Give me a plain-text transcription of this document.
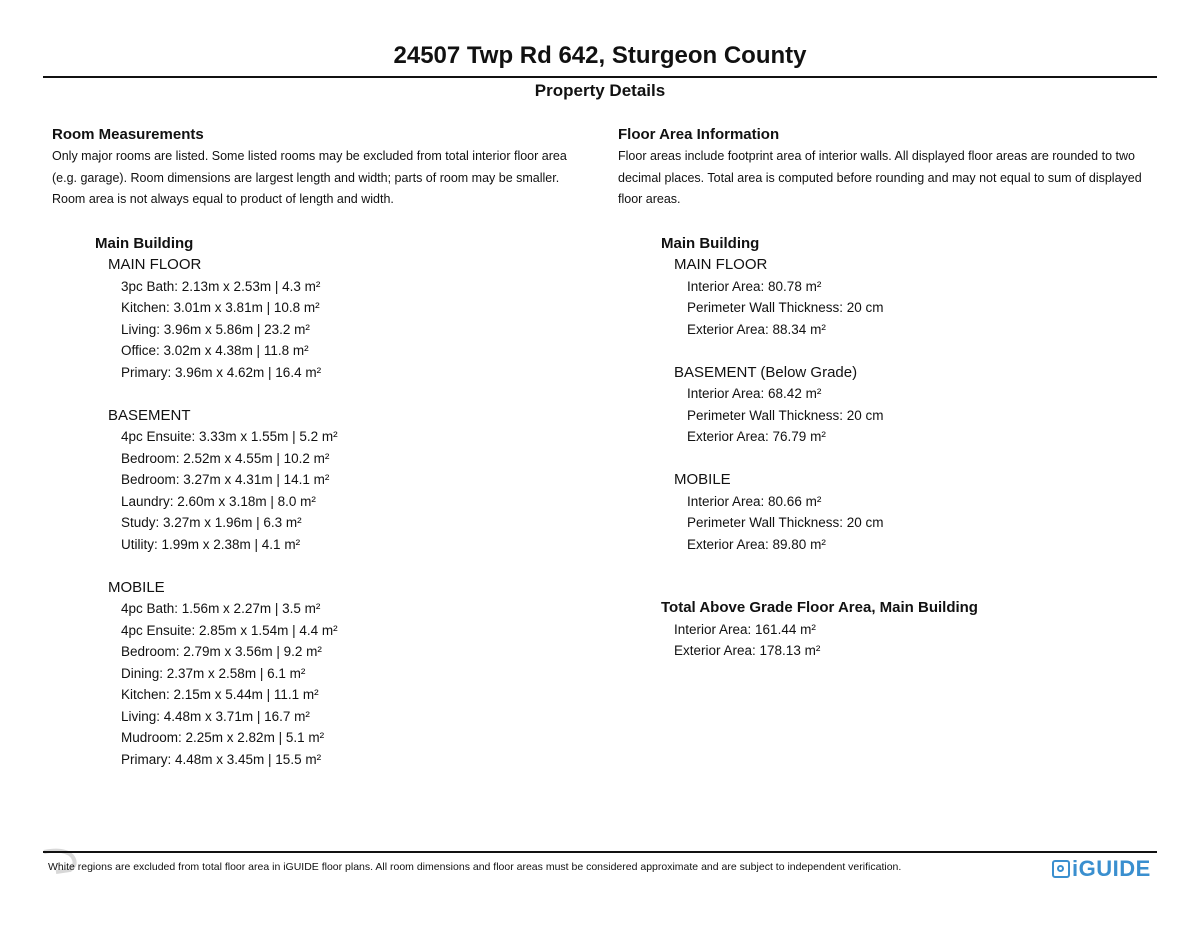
24507 Twp Rd 642, Sturgeon County
Property Details
Room Measurements
Only major rooms are listed. Some listed rooms may be excluded from total interior floor area (e.g. garage). Room dimensions are largest length and width; parts of room may be smaller. Room area is not always equal to product of length and width.
Main Building
MAIN FLOOR
3pc Bath: 2.13m x 2.53m | 4.3 m²
Kitchen: 3.01m x 3.81m | 10.8 m²
Living: 3.96m x 5.86m | 23.2 m²
Office: 3.02m x 4.38m | 11.8 m²
Primary: 3.96m x 4.62m | 16.4 m²
BASEMENT
4pc Ensuite: 3.33m x 1.55m | 5.2 m²
Bedroom: 2.52m x 4.55m | 10.2 m²
Bedroom: 3.27m x 4.31m | 14.1 m²
Laundry: 2.60m x 3.18m | 8.0 m²
Study: 3.27m x 1.96m | 6.3 m²
Utility: 1.99m x 2.38m | 4.1 m²
MOBILE
4pc Bath: 1.56m x 2.27m | 3.5 m²
4pc Ensuite: 2.85m x 1.54m | 4.4 m²
Bedroom: 2.79m x 3.56m | 9.2 m²
Dining: 2.37m x 2.58m | 6.1 m²
Kitchen: 2.15m x 5.44m | 11.1 m²
Living: 4.48m x 3.71m | 16.7 m²
Mudroom: 2.25m x 2.82m | 5.1 m²
Primary: 4.48m x 3.45m | 15.5 m²
Floor Area Information
Floor areas include footprint area of interior walls. All displayed floor areas are rounded to two decimal places. Total area is computed before rounding and may not equal to sum of displayed floor areas.
Main Building
MAIN FLOOR
Interior Area: 80.78 m²
Perimeter Wall Thickness: 20 cm
Exterior Area: 88.34 m²
BASEMENT (Below Grade)
Interior Area: 68.42 m²
Perimeter Wall Thickness: 20 cm
Exterior Area: 76.79 m²
MOBILE
Interior Area: 80.66 m²
Perimeter Wall Thickness: 20 cm
Exterior Area: 89.80 m²
Total Above Grade Floor Area, Main Building
Interior Area: 161.44 m²
Exterior Area: 178.13 m²
White regions are excluded from total floor area in iGUIDE floor plans. All room dimensions and floor areas must be considered approximate and are subject to independent verification.	iGUIDE
